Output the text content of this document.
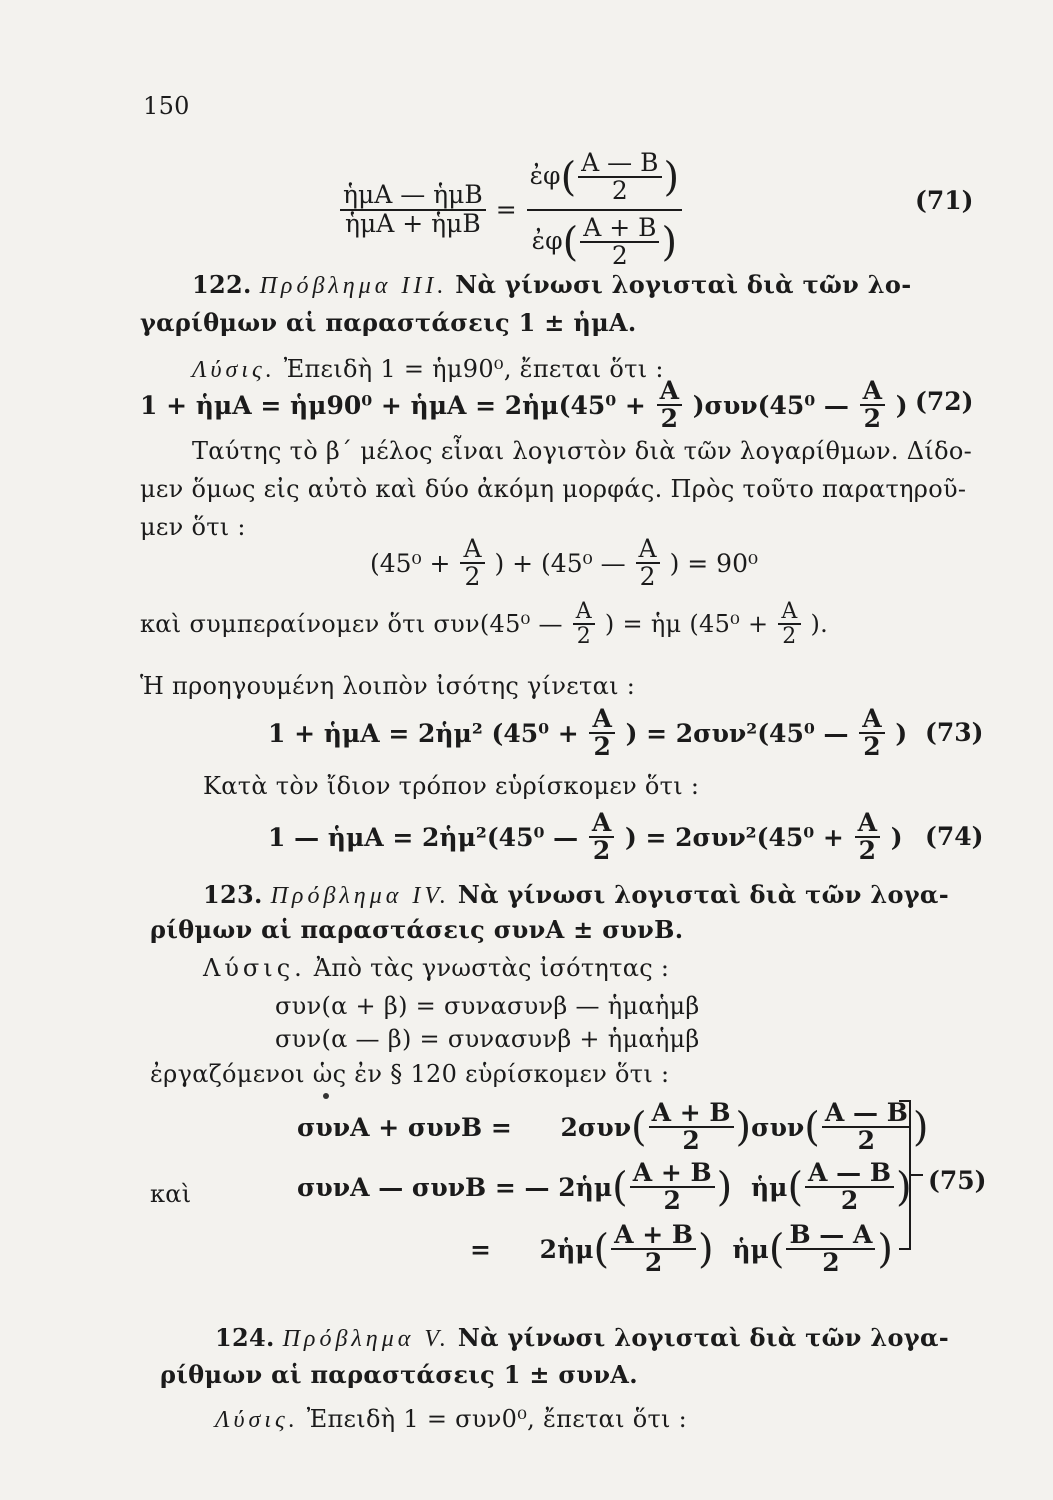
150
$\frac{\text{ἡμA — ἡμB}}{\text{ἡμA + ἡμB}} = \frac{ἐ\varphi( \frac{A — B}{2} )}{ἐ\varphi( \frac{A + B}{2} )}$	(71)
122. Πρόβλημα ΙΙΙ. Νὰ γίνωσι λογισταὶ διὰ τῶν λο-
γαρίθμων αἱ παραστάσεις 1 ± ἡμA.
Λύσις. Ἐπειδὴ 1 = ἡμ90⁰, ἔπεται ὅτι :
1 + ἡμA = ἡμ90⁰ + ἡμA = 2ἡμ(45⁰ + $\frac{A}{2} )\sigma\upsilon\nu(45^0$ — $\frac{A}{2}$ ) (72)
Ταύτης τὸ β΄ μέλος εἶναι λογιστὸν διὰ τῶν λογαρίθμων. Δίδο-
μεν ὅμως εἰς αὐτὸ καὶ δύο ἀκόμη μορφάς. Πρὸς τοῦτο παρατηροῦ-
μεν ὅτι :
($45^0 + \frac{A}{2}$ ) + (45⁰ — $\frac{A}{2}$ ) = 90⁰
καὶ συμπεραίνομεν ὅτι συν(45⁰ — $\frac{A}{2}$ ) = ἡμ ($45^0 + \frac{A}{2}$ ).
Ἡ προηγουμένη λοιπὸν ἰσότης γίνεται :
1 + ἡμA = 2ἡμ² ($45^0 + \frac{A}{2}$ ) = 2συν²(45⁰ — $\frac{A}{2}$ ) (73)
Κατὰ τὸν ἴδιον τρόπον εὑρίσκομεν ὅτι :
1 — ἡμA = 2ἡμ²(45⁰ — $\frac{A}{2}$ ) = $2\sigma\upsilon\nu^2(45^0 + \frac{A}{2}$ ) (74)
123. Πρόβλημα ΙV. Νὰ γίνωσι λογισταὶ διὰ τῶν λογα-
ρίθμων αἱ παραστάσεις συνA ± συνB.
Λύσις. Ἀπὸ τὰς γνωστὰς ἰσότητας :
συν(α + β) = συνασυνβ — ἡμαἡμβ
συν(α — β) = συνασυνβ + ἡμαἡμβ
ἐργαζόμενοι ὡς ἐν § 120 εὑρίσκομεν ὅτι :
$\sigma\upsilon\nu A + \sigma\upsilon\nu B = 2\sigma\upsilon\nu( \frac{A + B}{2} )\sigma\upsilon\nu( \frac{A — B}{2}$ )
καὶ	συνA — συνB = — 2ἡμ( $\frac{A + B}{2}$ ) ἡμ( $\frac{A — B}{2}$ )
= 2ἡμ( $\frac{A + B}{2}$ ) ἡμ( $\frac{B — A}{2}$ )
(75)
124. Πρόβλημα V. Νὰ γίνωσι λογισταὶ διὰ τῶν λογα-
ρίθμων αἱ παραστάσεις 1 ± συνA.
Λύσις. Ἐπειδὴ 1 = συν0⁰, ἔπεται ὅτι :
